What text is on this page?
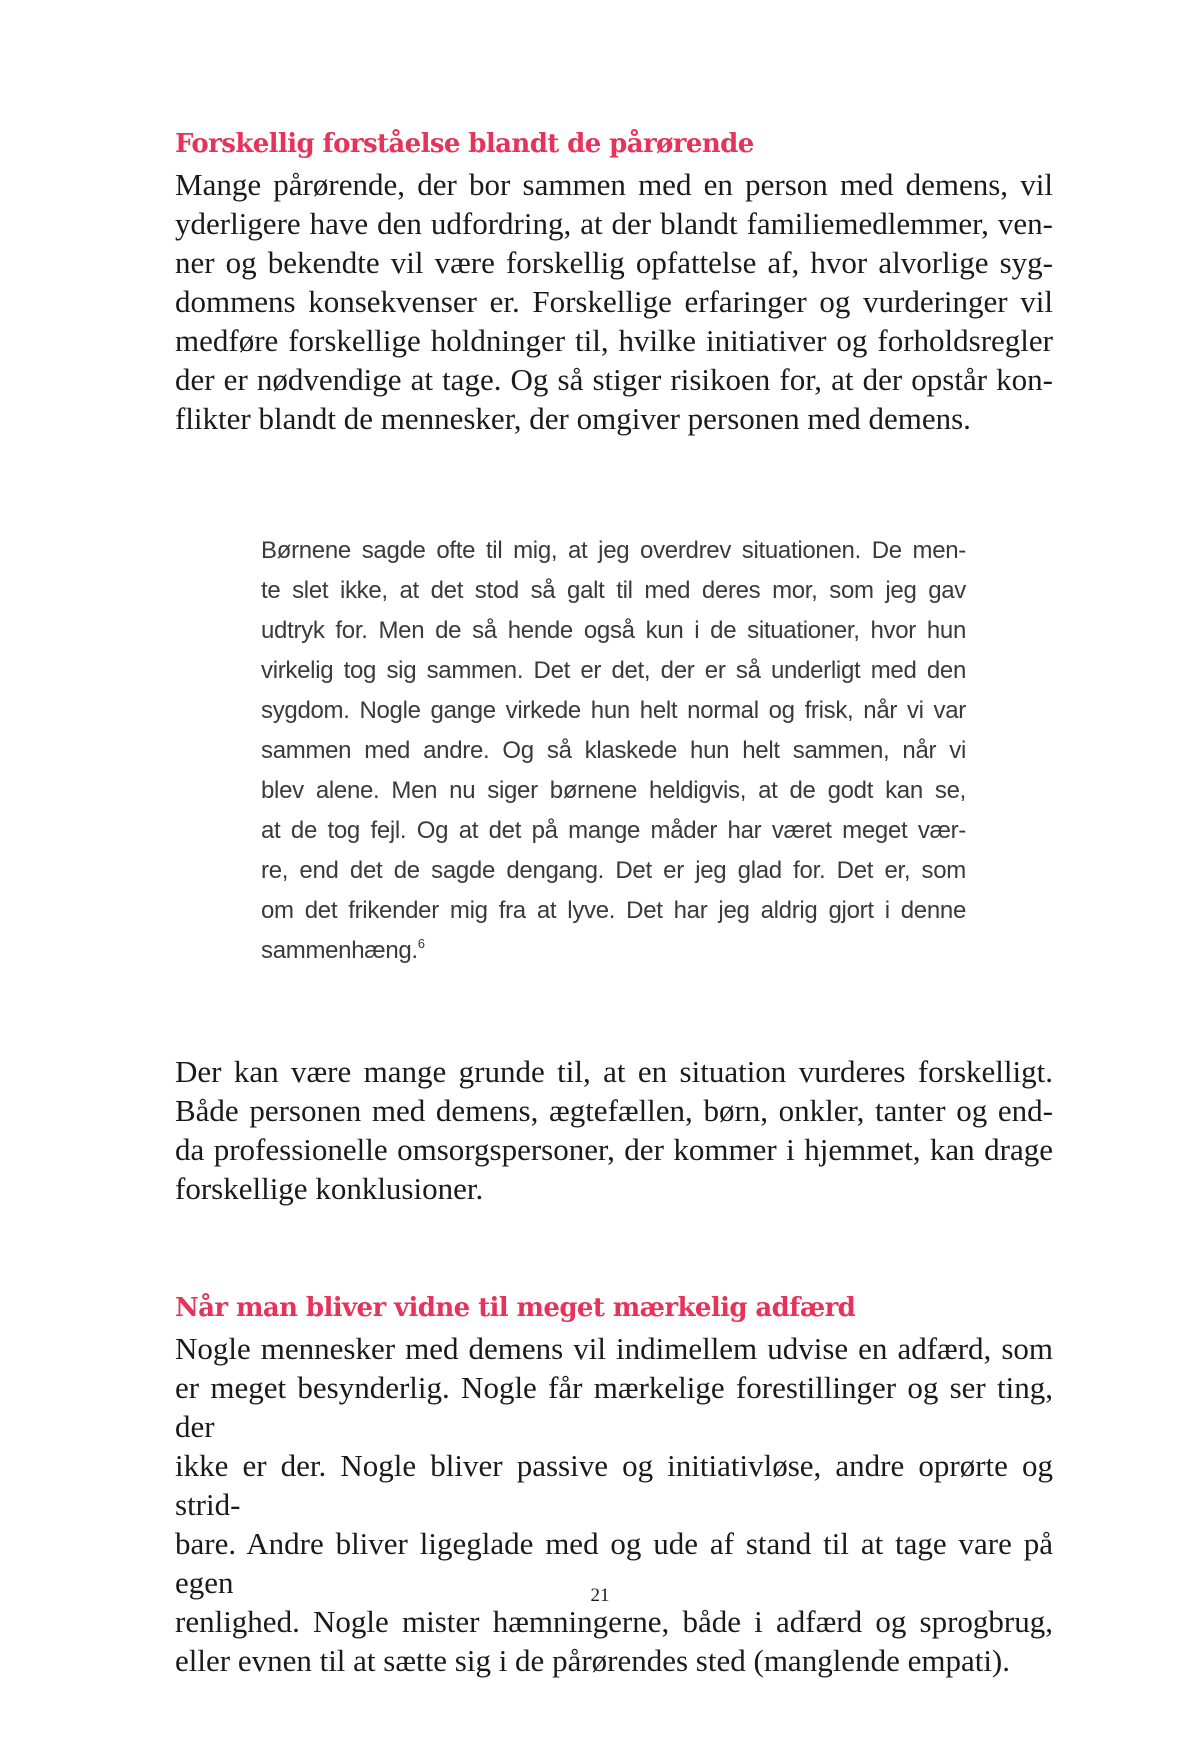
Forskellig forståelse blandt de pårørende

Mange pårørende, der bor sammen med en person med demens, vil
yderligere have den udfordring, at der blandt familiemedlemmer, ven-
ner og bekendte vil være forskellig opfattelse af, hvor alvorlige syg-
dommens konsekvenser er. Forskellige erfaringer og vurderinger vil
medføre forskellige holdninger til, hvilke initiativer og forholdsregler
der er nødvendige at tage. Og så stiger risikoen for, at der opstår kon-
flikter blandt de mennesker, der omgiver personen med demens.

Børnene sagde ofte til mig, at jeg overdrev situationen. De men-
te slet ikke, at det stod så galt til med deres mor, som jeg gav
udtryk for. Men de så hende også kun i de situationer, hvor hun
virkelig tog sig sammen. Det er det, der er så underligt med den
sygdom. Nogle gange virkede hun helt normal og frisk, når vi var
sammen med andre. Og så klaskede hun helt sammen, når vi
blev alene. Men nu siger børnene heldigvis, at de godt kan se,
at de tog fejl. Og at det på mange måder har været meget vær-
re, end det de sagde dengang. Det er jeg glad for. Det er, som
om det frikender mig fra at lyve. Det har jeg aldrig gjort i denne
sammenhæng.$^6$

Der kan være mange grunde til, at en situation vurderes forskelligt.
Både personen med demens, ægtefællen, børn, onkler, tanter og end-
da professionelle omsorgspersoner, der kommer i hjemmet, kan drage
forskellige konklusioner.

Når man bliver vidne til meget mærkelig adfærd

Nogle mennesker med demens vil indimellem udvise en adfærd, som
er meget besynderlig. Nogle får mærkelige forestillinger og ser ting, der
ikke er der. Nogle bliver passive og initiativløse, andre oprørte og strid-
bare. Andre bliver ligeglade med og ude af stand til at tage vare på egen
renlighed. Nogle mister hæmningerne, både i adfærd og sprogbrug,
eller evnen til at sætte sig i de pårørendes sted (manglende empati).

21
